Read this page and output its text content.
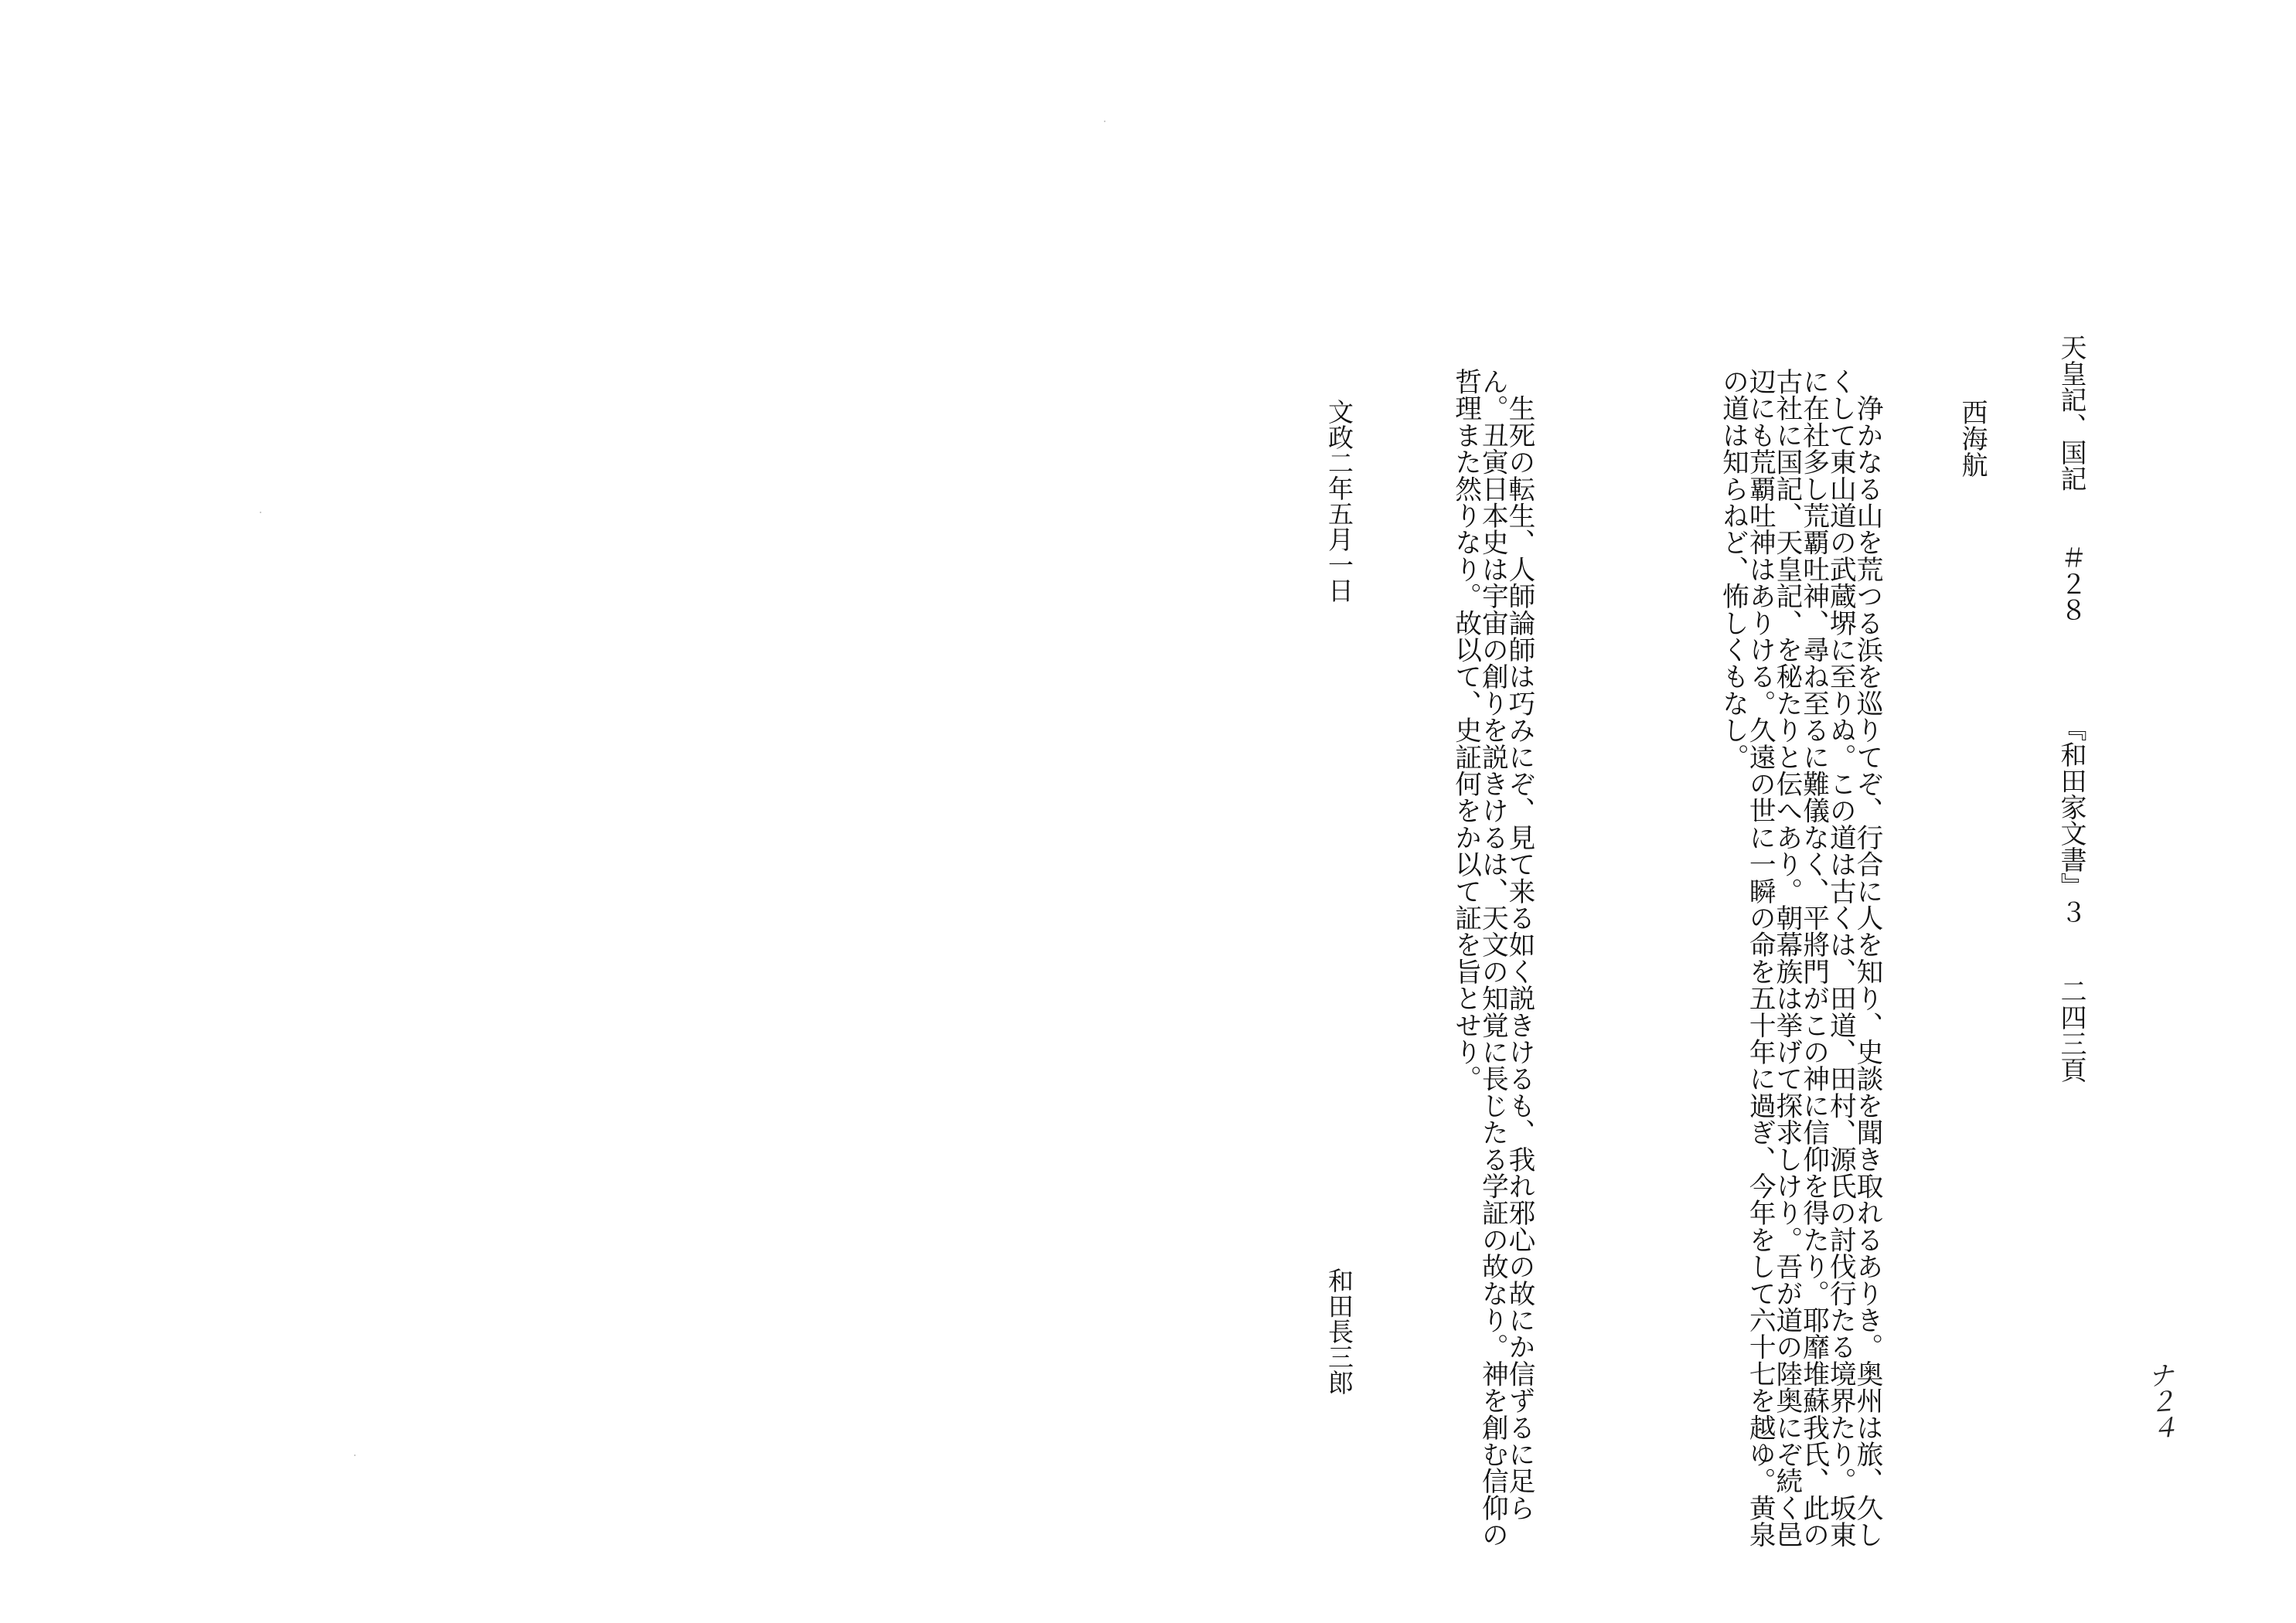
天皇記、国記　　＃２８　　　　『和田家文書』３　　二四三頁
西海航
　浄かなる山を荒つる浜を巡りてぞ、行合に人を知り、史談を聞き取れるありき。奥州は旅、久しくして東山道の武蔵堺に至りぬ。この道は古くは、田道、田村、源氏の討伐行たる境界たり。坂東に在社多し荒覇吐神、尋ね至るに難儀なく、平將門がこの神に信仰を得たり。耶靡堆蘇我氏、此の古社に国記、天皇記、を秘たりと伝へあり。朝幕族は挙げて探求しけり。吾が道の陸奥にぞ続く邑辺にも荒覇吐神はありける。久遠の世に一瞬の命を五十年に過ぎ、今年をして六十七を越ゆ。黄泉の道は知らねど、怖しくもなし。
　生死の転生、人師論師は巧みにぞ、見て来る如く説きけるも、我れ邪心の故にか信ずるに足らん。丑寅日本史は宇宙の創りを説きけるは、天文の知覚に長じたる学証の故なり。神を創む信仰の哲理また然りなり。故以て、史証何をか以て証を旨とせり。
文政二年五月一日
和田長三郎
ナ２４
